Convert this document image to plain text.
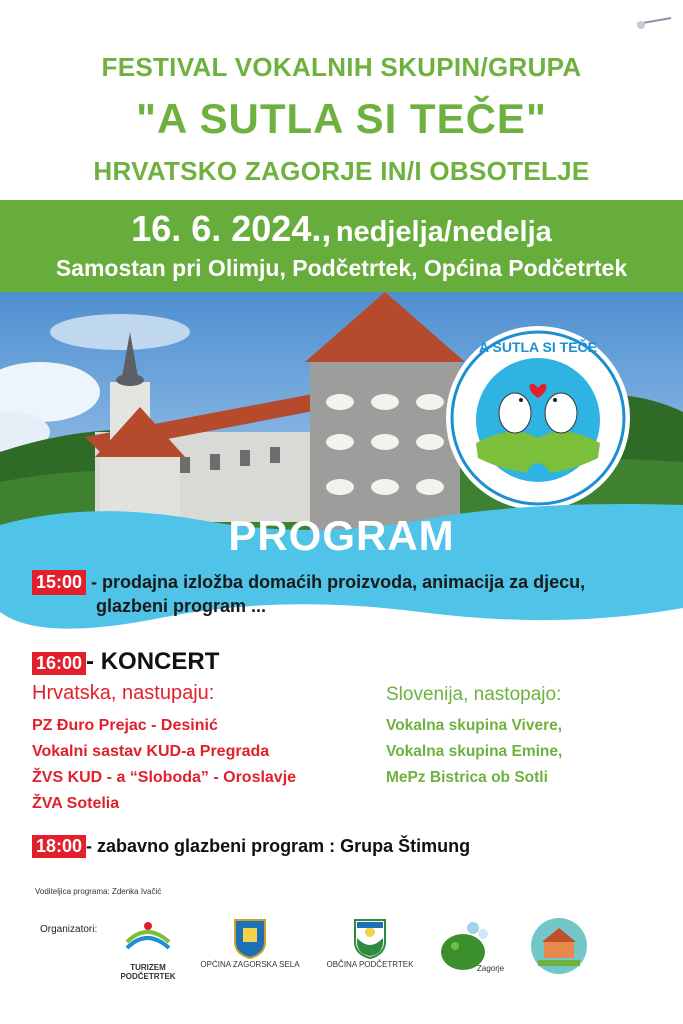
FESTIVAL VOKALNIH SKUPIN/GRUPA
"A SUTLA SI TEČE"
HRVATSKO ZAGORJE IN/I OBSOTELJE
16. 6. 2024., nedjelja/nedelja
Samostan pri Olimju, Podčetrtek, Općina Podčetrtek
A SUTLA SI TEČE
PROGRAM
15:00 - prodajna izložba domaćih proizvoda, animacija za djecu,
glazbeni program ...
16:00 - KONCERT
Hrvatska, nastupaju:
PZ Đuro Prejac - Desinić
Vokalni sastav KUD-a Pregrada
ŽVS KUD - a “Sloboda” - Oroslavje
ŽVA Sotelia
Slovenija, nastopajo:
Vokalna skupina Vivere,
Vokalna skupina Emine,
MePz Bistrica ob Sotli
18:00 - zabavno glazbeni program : Grupa Štimung
Voditeljica programa: Zdenka Ivačić
Organizatori:
TURIZEM
PODČETRTEK
OPĆINA ZAGORSKA SELA	OBČINA PODČETRTEK	Zagorje
